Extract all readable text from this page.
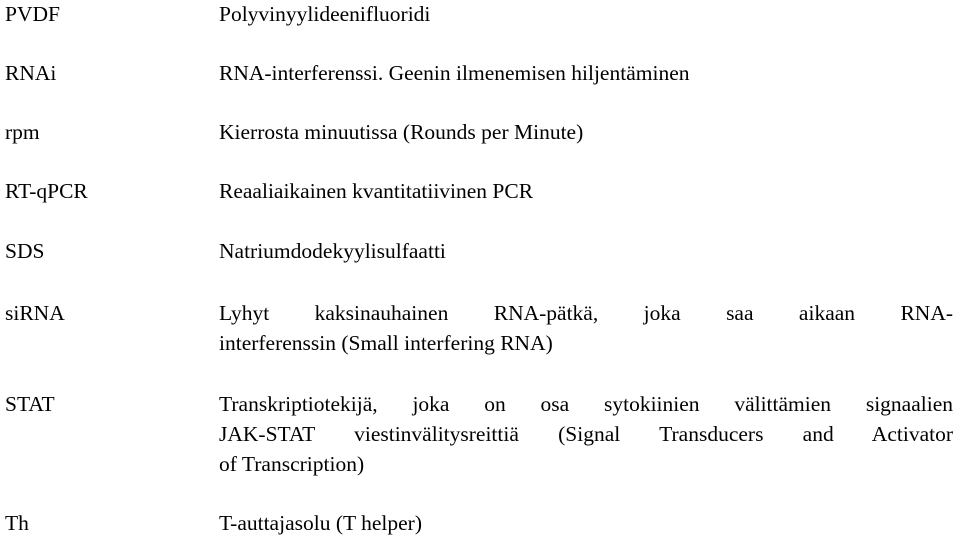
PVDF	Polyvinyylideenifluoridi
RNAi	RNA-interferenssi. Geenin ilmenemisen hiljentäminen
rpm	Kierrosta minuutissa (Rounds per Minute)
RT-qPCR	Reaaliaikainen kvantitatiivinen PCR
SDS	Natriumdodekyylisulfaatti
siRNA	Lyhyt kaksinauhainen RNA-pätkä, joka saa aikaan RNA-
interferenssin (Small interfering RNA)
STAT	Transkriptiotekijä, joka on osa sytokiinien välittämien signaalien
JAK-STAT viestinvälitysreittiä (Signal Transducers and Activator
of Transcription)
Th	T-auttajasolu (T helper)
